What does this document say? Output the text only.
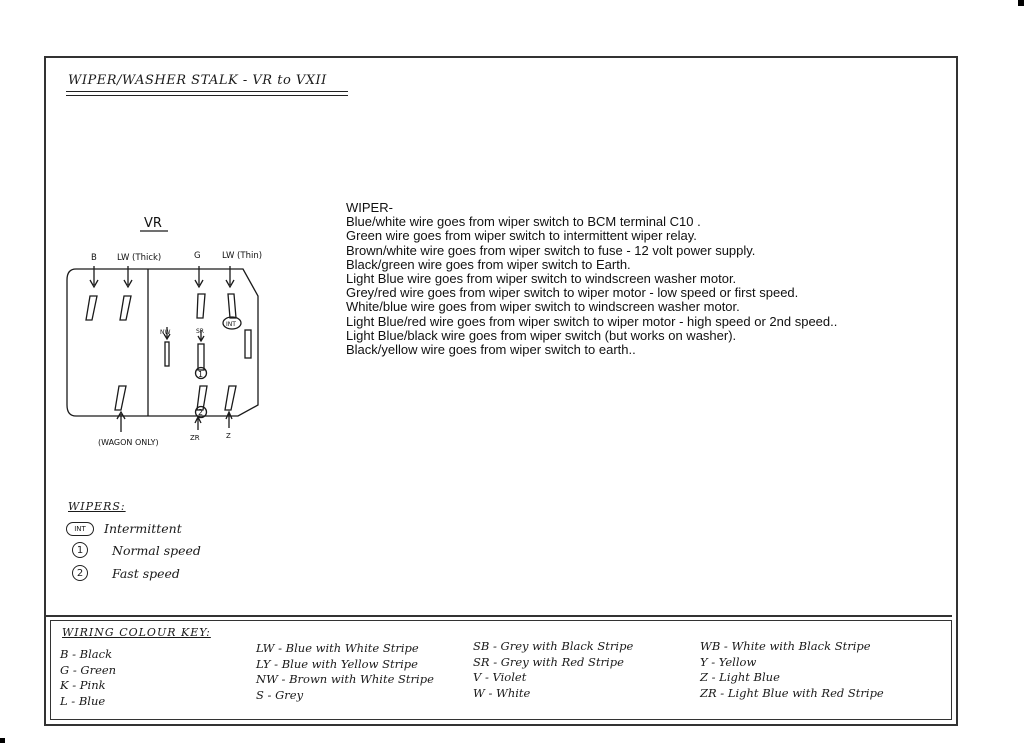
WIPER/WASHER STALK - VR to VXII
VR
B LW (Thick)	G	LW (Thin)
NW	SR
INT
1
2
(WAGON ONLY)	ZR	Z
WIPER-
Blue/white wire goes from wiper switch to BCM terminal C10 .
Green wire goes from wiper switch to intermittent wiper relay.
Brown/white wire goes from wiper switch to fuse - 12 volt power supply.
Black/green wire goes from wiper switch to Earth.
Light Blue wire goes from wiper switch to windscreen washer motor.
Grey/red wire goes from wiper switch to wiper motor - low speed or first speed.
White/blue wire goes from wiper switch to windscreen washer motor.
Light Blue/red wire goes from wiper switch to wiper motor - high speed or 2nd speed..
Light Blue/black wire goes from wiper switch (but works on washer).
Black/yellow wire goes from wiper switch to earth..
WIPERS:
INT	Intermittent
1	Normal speed
2	Fast speed
WIRING COLOUR KEY:
B - Black
G - Green
K - Pink
L - Blue
LW - Blue with White Stripe
LY - Blue with Yellow Stripe
NW - Brown with White Stripe
S - Grey
SB - Grey with Black Stripe
SR - Grey with Red Stripe
V - Violet
W - White
WB - White with Black Stripe
Y - Yellow
Z - Light Blue
ZR - Light Blue with Red Stripe
